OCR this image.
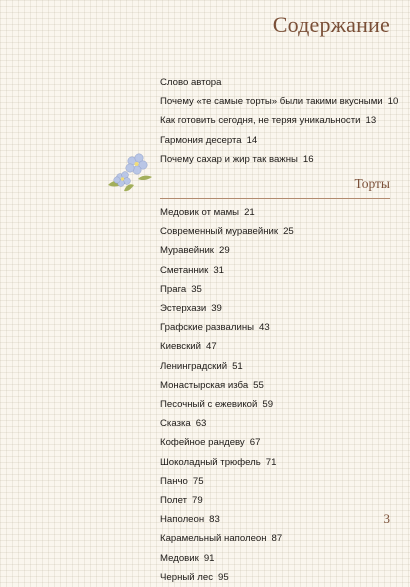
Содержание
Слово автора
Почему «те самые торты» были такими вкусными 10
Как готовить сегодня, не теряя уникальности 13
Гармония десерта 14
Почему сахар и жир так важны 16
Торты
Медовик от мамы 21
Современный муравейник 25
Муравейник 29
Сметанник 31
Прага 35
Эстерхази 39
Графские развалины 43
Киевский 47
Ленинградский 51
Монастырская изба 55
Песочный с ежевикой 59
Сказка 63
Кофейное рандеву 67
Шоколадный трюфель 71
Панчо 75
Полет 79
Наполеон 83
Карамельный наполеон 87
Медовик 91
Черный лес 95
3
